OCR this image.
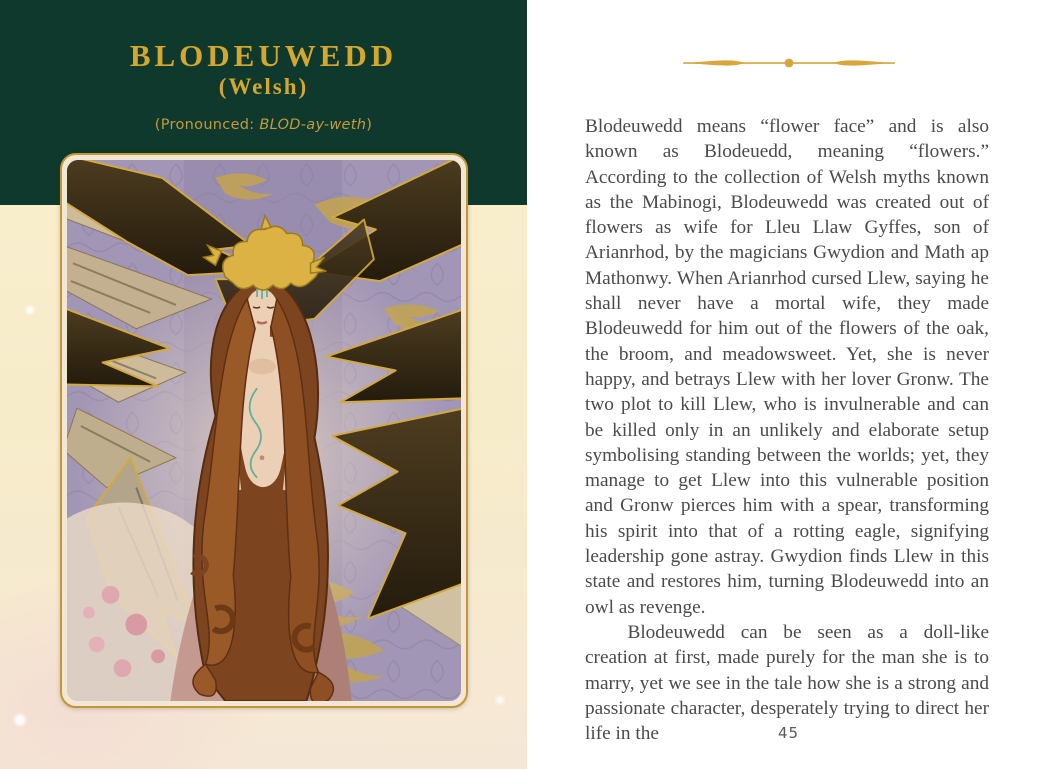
BLODEUWEDD
(Welsh)
(Pronounced: BLOD-ay-weth)	Blodeuwedd means “flower face” and is also known as Blodeuedd, meaning “flowers.” According to the collection of Welsh myths known as the Mabinogi, Blodeuwedd was created out of flowers as wife for Lleu Llaw Gyffes, son of Arianrhod, by the magicians Gwydion and Math ap Mathonwy. When Arianrhod cursed Llew, saying he shall never have a mortal wife, they made Blodeuwedd for him out of the flowers of the oak, the broom, and meadowsweet. Yet, she is never happy, and betrays Llew with her lover Gronw. The two plot to kill Llew, who is invulnerable and can be killed only in an unlikely and elaborate setup symbolising standing between the worlds; yet, they manage to get Llew into this vulnerable position and Gronw pierces him with a spear, transforming his spirit into that of a rotting eagle, signifying leadership gone astray. Gwydion finds Llew in this state and restores him, turning Blodeuwedd into an owl as revenge.

Blodeuwedd can be seen as a doll-like creation at first, made purely for the man she is to marry, yet we see in the tale how she is a strong and passionate character, desperately trying to direct her life in the	45
